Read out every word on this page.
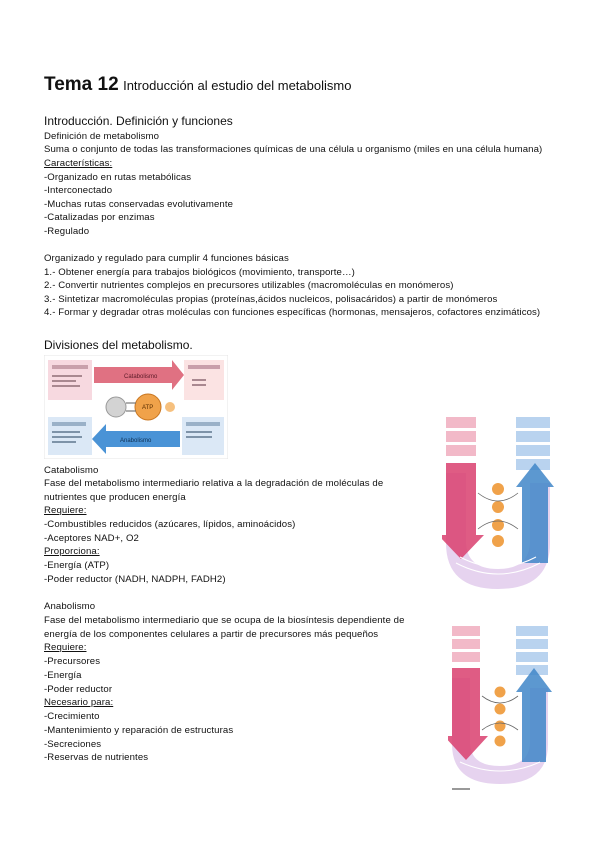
Tema 12 Introducción al estudio del metabolismo
Introducción. Definición y funciones
Definición de metabolismo
Suma o conjunto de todas las transformaciones químicas de una célula u organismo (miles en una célula humana)
Características:
-Organizado en rutas metabólicas
-Interconectado
-Muchas rutas conservadas evolutivamente
-Catalizadas por enzimas
-Regulado
Organizado y regulado para cumplir 4 funciones básicas
1.- Obtener energía para trabajos biológicos (movimiento, transporte…)
2.- Convertir nutrientes complejos en precursores utilizables (macromoléculas en monómeros)
3.- Sintetizar macromoléculas propias (proteínas,ácidos nucleicos, polisacáridos) a partir de monómeros
4.- Formar y degradar otras moléculas con funciones específicas (hormonas, mensajeros, cofactores enzimáticos)
Divisiones del metabolismo.
Catabolismo
Anabolismo
ATP
Catabolismo
Fase del metabolismo intermediario relativa a la degradación de moléculas de
nutrientes que producen energía
Requiere:
-Combustibles reducidos (azúcares, lípidos, aminoácidos)
-Aceptores NAD+, O2
Proporciona:
-Energía (ATP)
-Poder reductor (NADH, NADPH, FADH2)
Anabolismo
Fase del metabolismo intermediario que se ocupa de la biosíntesis dependiente de
energía de los componentes celulares a partir de precursores más pequeños
Requiere:
-Precursores
-Energía
-Poder reductor
Necesario para:
-Crecimiento
-Mantenimiento y reparación de estructuras
-Secreciones
-Reservas de nutrientes
